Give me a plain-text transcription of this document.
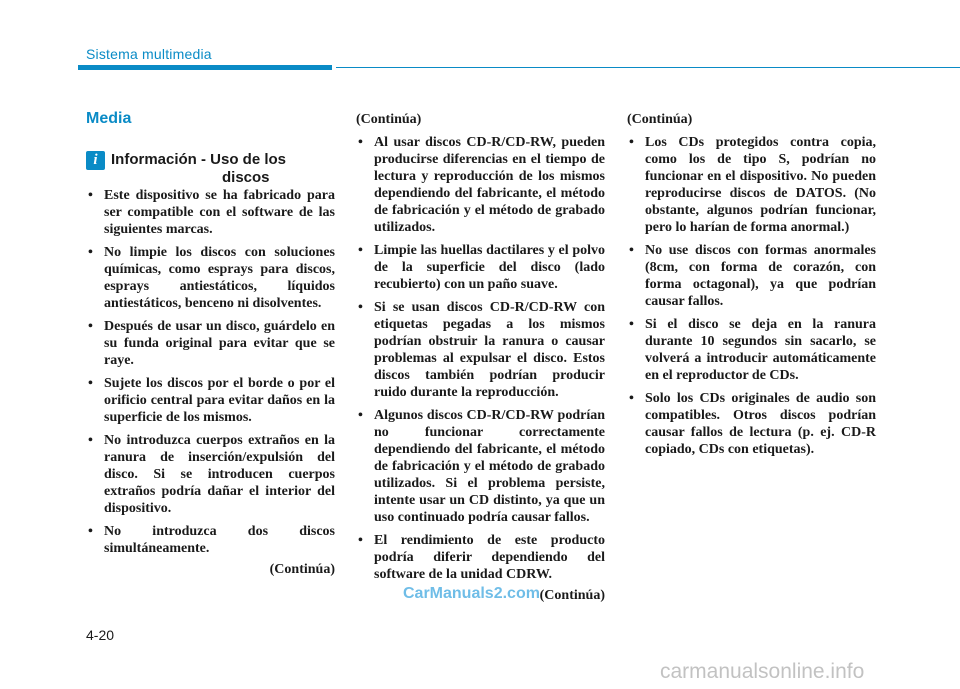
Sistema multimedia
Media
i Información - Uso de los
discos
• Este dispositivo se ha fabricado para ser compatible con el software de las siguientes marcas.
• No limpie los discos con soluciones químicas, como esprays para discos, esprays antiestáticos, líquidos antiestáticos, benceno ni disolventes.
• Después de usar un disco, guárdelo en su funda original para evitar que se raye.
• Sujete los discos por el borde o por el orificio central para evitar daños en la superficie de los mismos.
• No introduzca cuerpos extraños en la ranura de inserción/expulsión del disco. Si se introducen cuerpos extraños podría dañar el interior del dispositivo.
• No introduzca dos discos simultáneamente.
(Continúa)
(Continúa)
• Al usar discos CD-R/CD-RW, pueden producirse diferencias en el tiempo de lectura y reproducción de los mismos dependiendo del fabricante, el método de fabricación y el método de grabado utilizados.
• Limpie las huellas dactilares y el polvo de la superficie del disco (lado recubierto) con un paño suave.
• Si se usan discos CD-R/CD-RW con etiquetas pegadas a los mismos podrían obstruir la ranura o causar problemas al expulsar el disco. Estos discos también podrían producir ruido durante la reproducción.
• Algunos discos CD-R/CD-RW podrían no funcionar correctamente dependiendo del fabricante, el método de fabricación y el método de grabado utilizados. Si el problema persiste, intente usar un CD distinto, ya que un uso continuado podría causar fallos.
• El rendimiento de este producto podría diferir dependiendo del software de la unidad CDRW.
(Continúa)
(Continúa)
• Los CDs protegidos contra copia, como los de tipo S, podrían no funcionar en el dispositivo. No pueden reproducirse discos de DATOS. (No obstante, algunos podrían funcionar, pero lo harían de forma anormal.)
• No use discos con formas anormales (8cm, con forma de corazón, con forma octagonal), ya que podrían causar fallos.
• Si el disco se deja en la ranura durante 10 segundos sin sacarlo, se volverá a introducir automáticamente en el reproductor de CDs.
• Solo los CDs originales de audio son compatibles. Otros discos podrían causar fallos de lectura (p. ej. CD-R copiado, CDs con etiquetas).
CarManuals2.com
4-20
carmanualsonline.info
